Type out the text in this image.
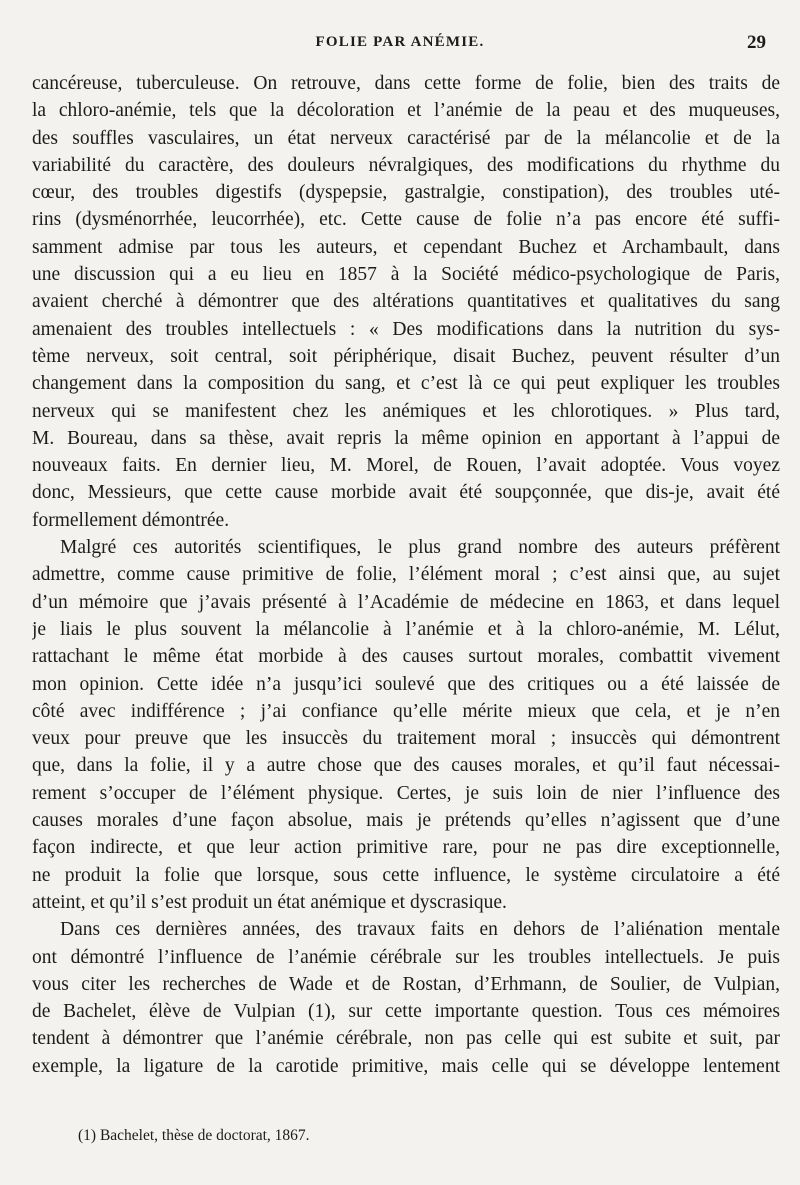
FOLIE PAR ANÉMIE.	29
cancéreuse, tuberculeuse. On retrouve, dans cette forme de folie, bien des traits de
la chloro-anémie, tels que la décoloration et l’anémie de la peau et des muqueuses,
des souffles vasculaires, un état nerveux caractérisé par de la mélancolie et de la
variabilité du caractère, des douleurs névralgiques, des modifications du rhythme du
cœur, des troubles digestifs (dyspepsie, gastralgie, constipation), des troubles uté-
rins (dysménorrhée, leucorrhée), etc. Cette cause de folie n’a pas encore été suffi-
samment admise par tous les auteurs, et cependant Buchez et Archambault, dans
une discussion qui a eu lieu en 1857 à la Société médico-psychologique de Paris,
avaient cherché à démontrer que des altérations quantitatives et qualitatives du sang
amenaient des troubles intellectuels : « Des modifications dans la nutrition du sys-
tème nerveux, soit central, soit périphérique, disait Buchez, peuvent résulter d’un
changement dans la composition du sang, et c’est là ce qui peut expliquer les troubles
nerveux qui se manifestent chez les anémiques et les chlorotiques. » Plus tard,
M. Boureau, dans sa thèse, avait repris la même opinion en apportant à l’appui de
nouveaux faits. En dernier lieu, M. Morel, de Rouen, l’avait adoptée. Vous voyez
donc, Messieurs, que cette cause morbide avait été soupçonnée, que dis-je, avait été
formellement démontrée.
Malgré ces autorités scientifiques, le plus grand nombre des auteurs préfèrent
admettre, comme cause primitive de folie, l’élément moral ; c’est ainsi que, au sujet
d’un mémoire que j’avais présenté à l’Académie de médecine en 1863, et dans lequel
je liais le plus souvent la mélancolie à l’anémie et à la chloro-anémie, M. Lélut,
rattachant le même état morbide à des causes surtout morales, combattit vivement
mon opinion. Cette idée n’a jusqu’ici soulevé que des critiques ou a été laissée de
côté avec indifférence ; j’ai confiance qu’elle mérite mieux que cela, et je n’en
veux pour preuve que les insuccès du traitement moral ; insuccès qui démontrent
que, dans la folie, il y a autre chose que des causes morales, et qu’il faut nécessai-
rement s’occuper de l’élément physique. Certes, je suis loin de nier l’influence des
causes morales d’une façon absolue, mais je prétends qu’elles n’agissent que d’une
façon indirecte, et que leur action primitive rare, pour ne pas dire exceptionnelle,
ne produit la folie que lorsque, sous cette influence, le système circulatoire a été
atteint, et qu’il s’est produit un état anémique et dyscrasique.
Dans ces dernières années, des travaux faits en dehors de l’aliénation mentale
ont démontré l’influence de l’anémie cérébrale sur les troubles intellectuels. Je puis
vous citer les recherches de Wade et de Rostan, d’Erhmann, de Soulier, de Vulpian,
de Bachelet, élève de Vulpian (1), sur cette importante question. Tous ces mémoires
tendent à démontrer que l’anémie cérébrale, non pas celle qui est subite et suit, par
exemple, la ligature de la carotide primitive, mais celle qui se développe lentement
(1) Bachelet, thèse de doctorat, 1867.
